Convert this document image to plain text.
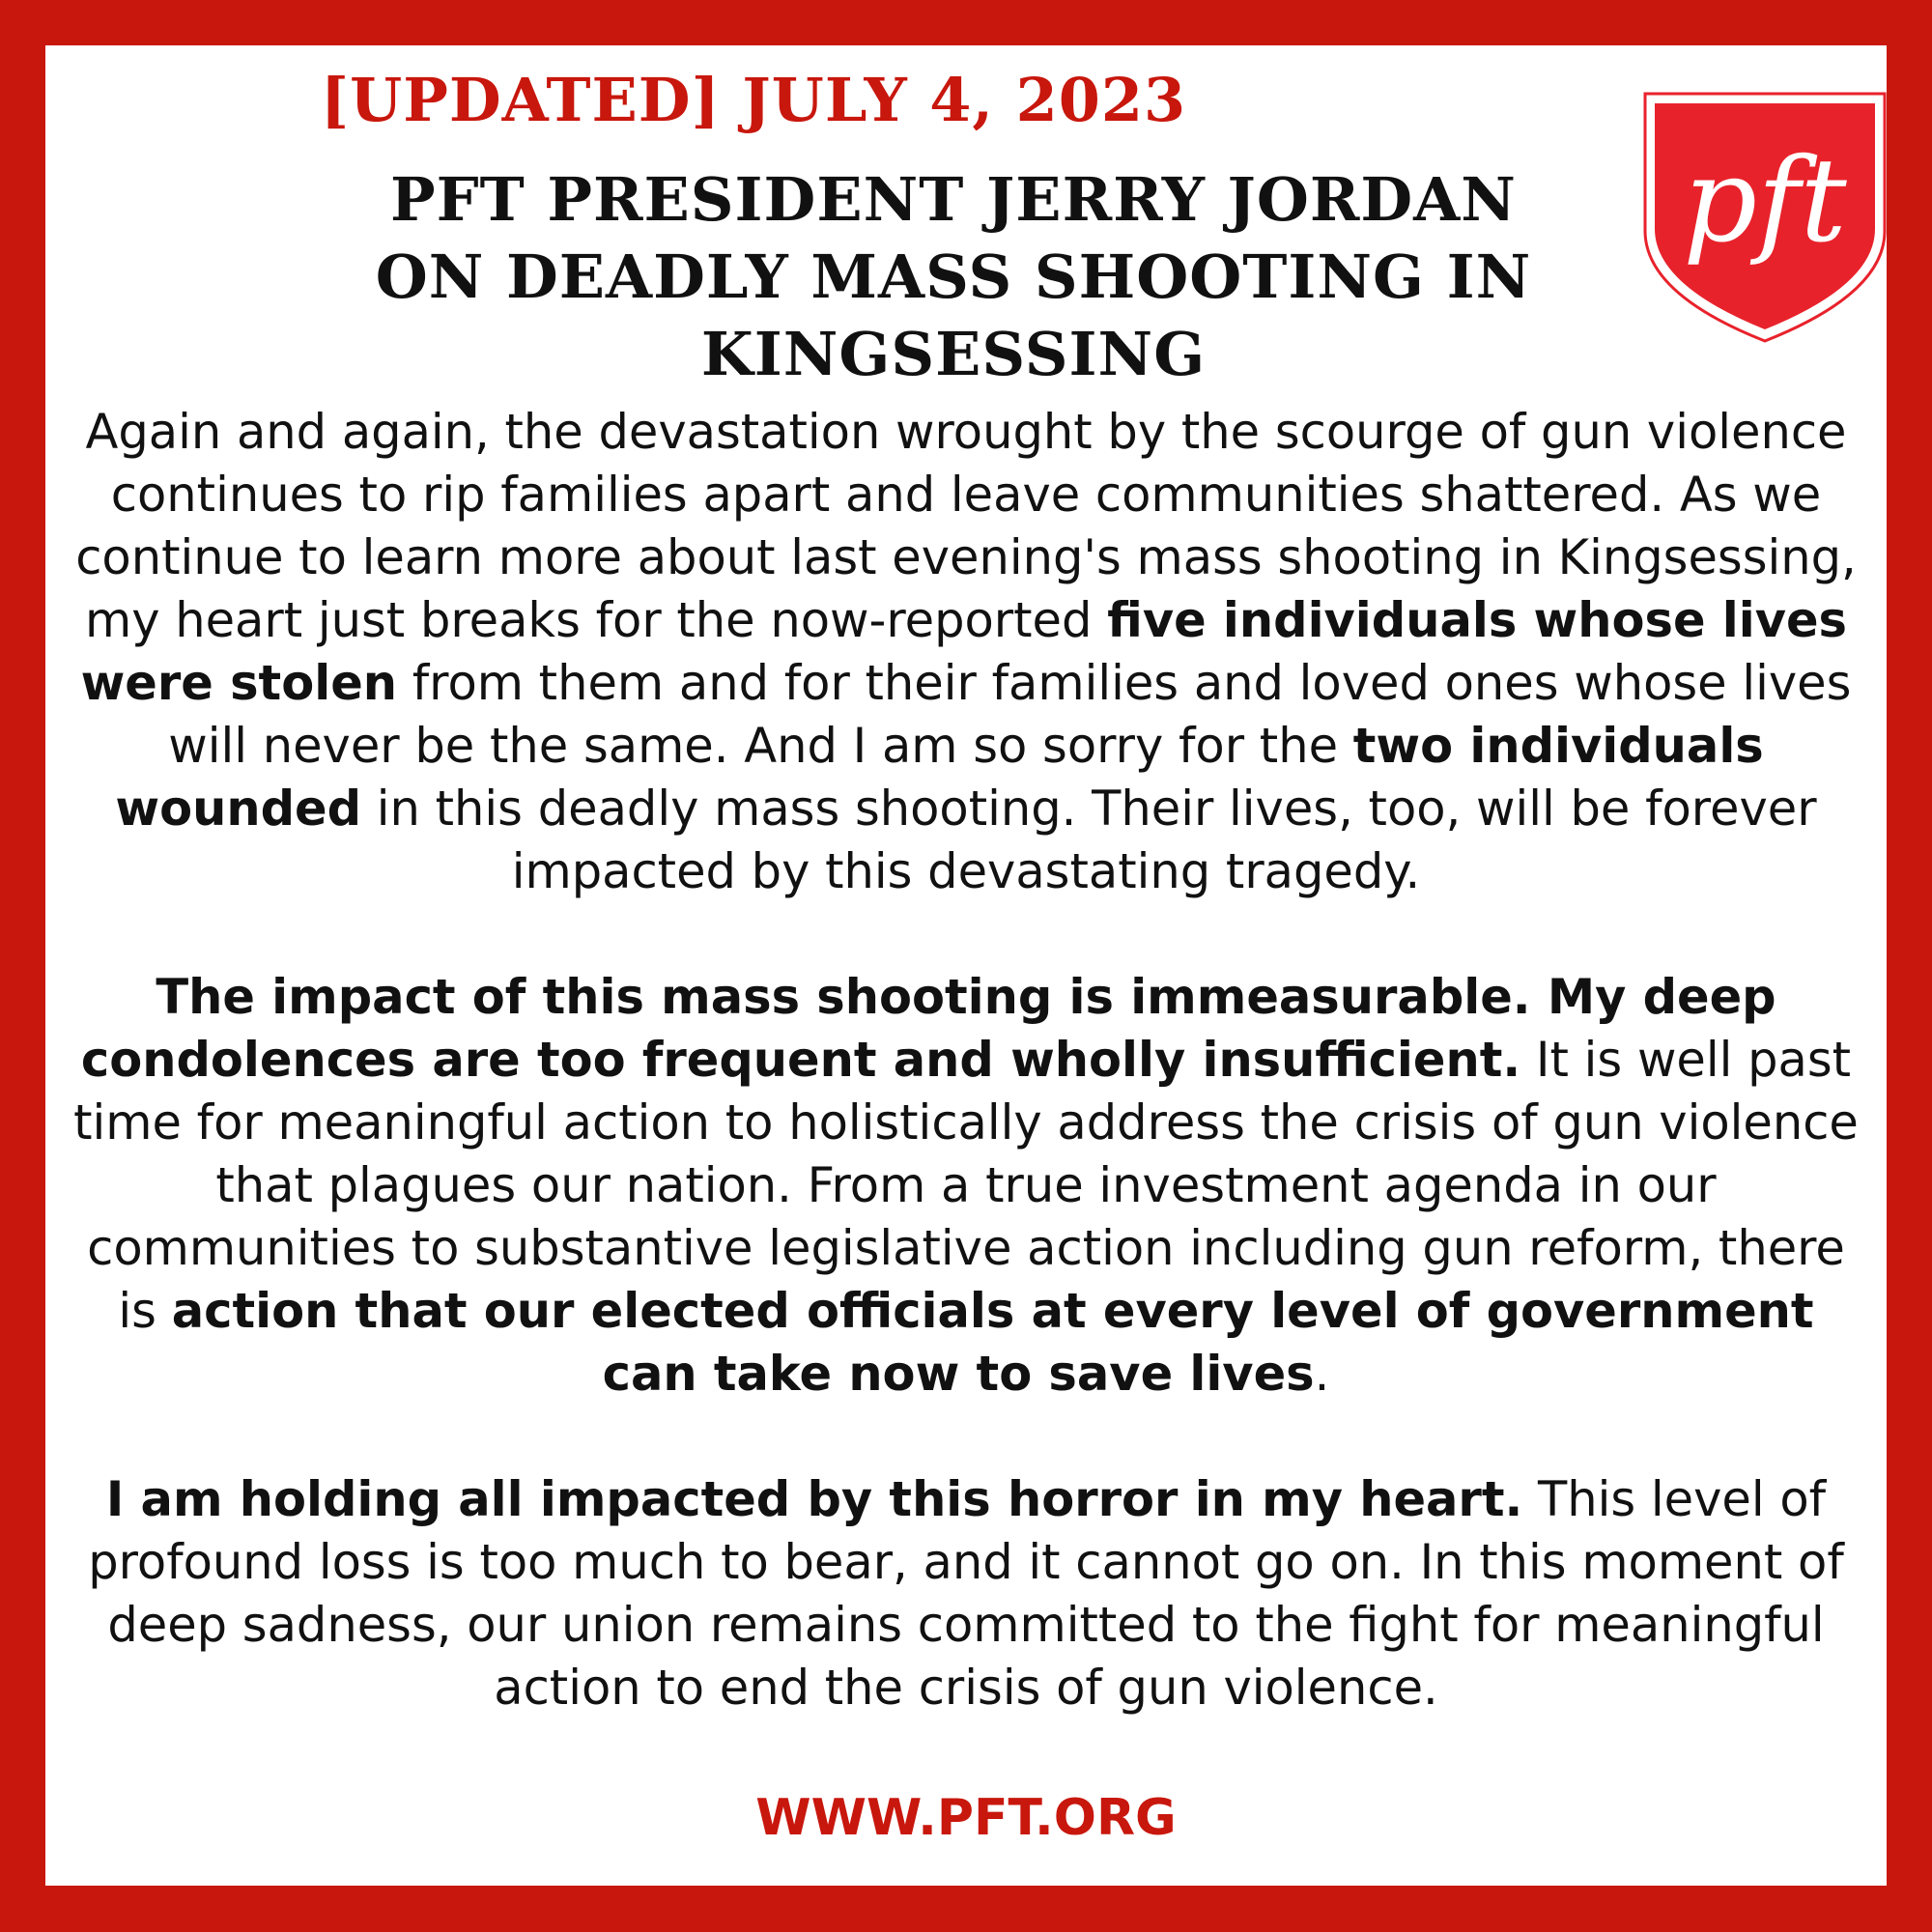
[UPDATED] JULY 4, 2023
PFT PRESIDENT JERRY JORDAN ON DEADLY MASS SHOOTING IN KINGSESSING
pft

Again and again, the devastation wrought by the scourge of gun violence continues to rip families apart and leave communities shattered. As we continue to learn more about last evening's mass shooting in Kingsessing, my heart just breaks for the now-reported five individuals whose lives were stolen from them and for their families and loved ones whose lives will never be the same. And I am so sorry for the two individuals wounded in this deadly mass shooting. Their lives, too, will be forever impacted by this devastating tragedy.

The impact of this mass shooting is immeasurable. My deep condolences are too frequent and wholly insufficient. It is well past time for meaningful action to holistically address the crisis of gun violence that plagues our nation. From a true investment agenda in our communities to substantive legislative action including gun reform, there is action that our elected officials at every level of government can take now to save lives.

I am holding all impacted by this horror in my heart. This level of profound loss is too much to bear, and it cannot go on. In this moment of deep sadness, our union remains committed to the fight for meaningful action to end the crisis of gun violence.

WWW.PFT.ORG
